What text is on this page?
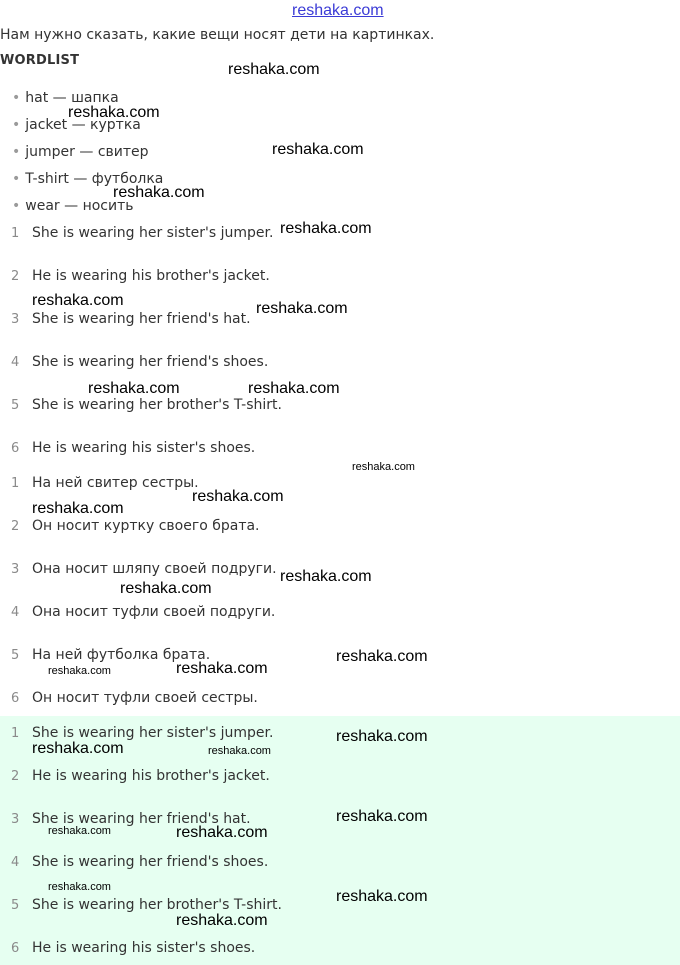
reshaka.com
Нам нужно сказать, какие вещи носят дети на картинках.
WORDLIST
• hat — шапка
• jacket — куртка
• jumper — свитер
• T-shirt — футболка
• wear — носить
1 She is wearing her sister's jumper.
2 He is wearing his brother's jacket.
3 She is wearing her friend's hat.
4 She is wearing her friend's shoes.
5 She is wearing her brother's T-shirt.
6 He is wearing his sister's shoes.
1 На ней свитер сестры.
2 Он носит куртку своего брата.
3 Она носит шляпу своей подруги.
4 Она носит туфли своей подруги.
5 На ней футболка брата.
6 Он носит туфли своей сестры.
1 She is wearing her sister's jumper.
2 He is wearing his brother's jacket.
3 She is wearing her friend's hat.
4 She is wearing her friend's shoes.
5 She is wearing her brother's T-shirt.
6 He is wearing his sister's shoes.
reshaka.com
reshaka.com
reshaka.com
reshaka.com
reshaka.com
reshaka.com	reshaka.com
reshaka.com	reshaka.com
reshaka.com
reshaka.com
reshaka.com
reshaka.com
reshaka.com
reshaka.com
reshaka.com	reshaka.com
reshaka.com
reshaka.com	reshaka.com
reshaka.com
reshaka.com	reshaka.com
reshaka.com
reshaka.com
reshaka.com
